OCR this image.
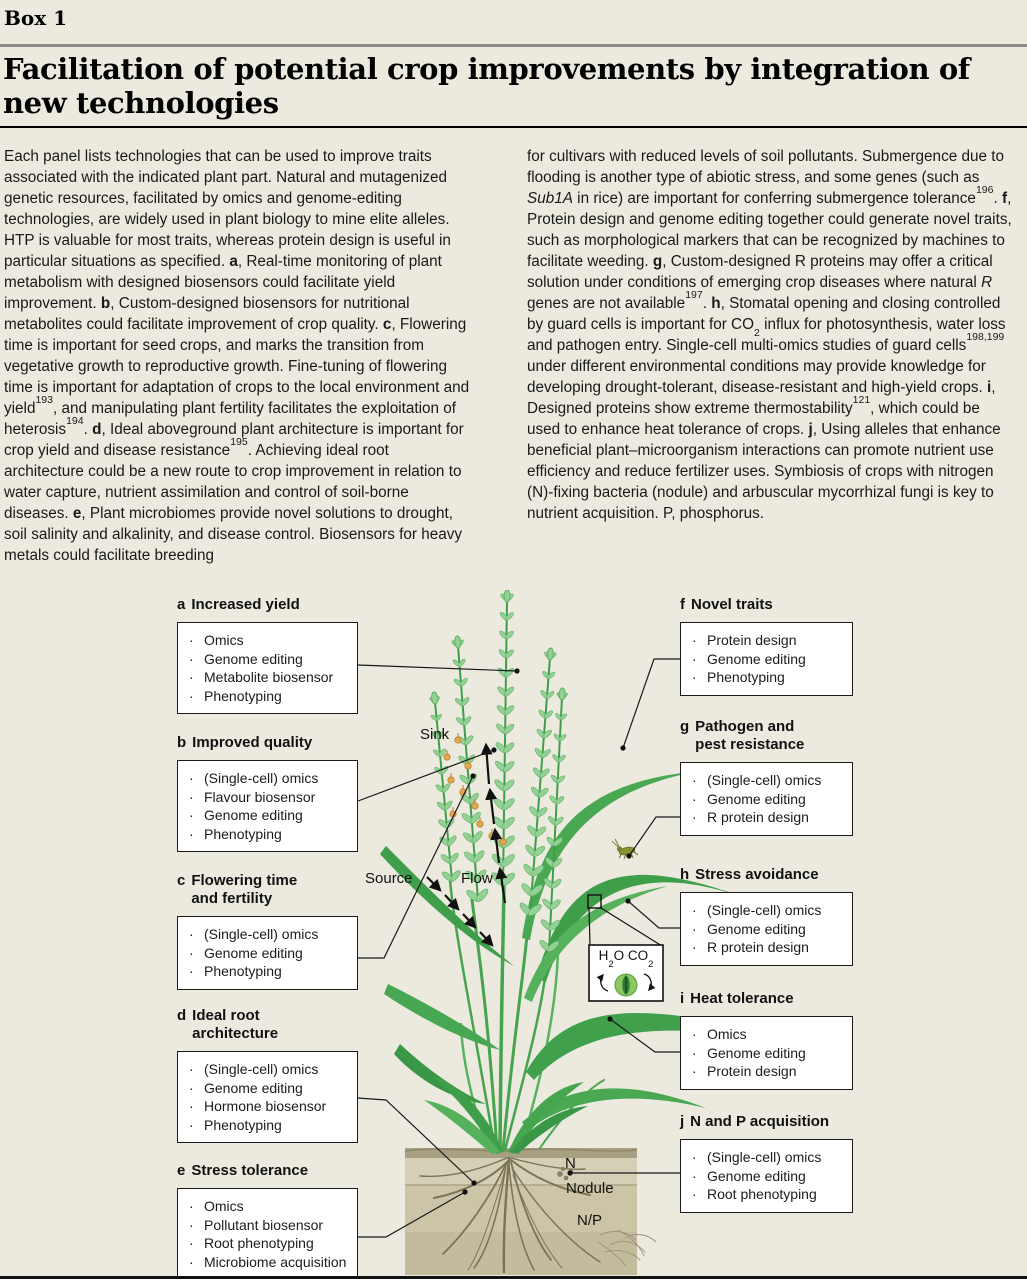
Box 1
Facilitation of potential crop improvements by integration of new technologies
Each panel lists technologies that can be used to improve traits associated with the indicated plant part. Natural and mutagenized genetic resources, facilitated by omics and genome-editing technologies, are widely used in plant biology to mine elite alleles. HTP is valuable for most traits, whereas protein design is useful in particular situations as specified. a, Real-time monitoring of plant metabolism with designed biosensors could facilitate yield improvement. b, Custom-designed biosensors for nutritional metabolites could facilitate improvement of crop quality. c, Flowering time is important for seed crops, and marks the transition from vegetative growth to reproductive growth. Fine-tuning of flowering time is important for adaptation of crops to the local environment and yield$^{193}$, and manipulating plant fertility facilitates the exploitation of heterosis$^{194}$. d, Ideal aboveground plant architecture is important for crop yield and disease resistance$^{195}$. Achieving ideal root architecture could be a new route to crop improvement in relation to water capture, nutrient assimilation and control of soil-borne diseases. e, Plant microbiomes provide novel solutions to drought, soil salinity and alkalinity, and disease control. Biosensors for heavy metals could facilitate breeding
for cultivars with reduced levels of soil pollutants. Submergence due to flooding is another type of abiotic stress, and some genes (such as Sub1A in rice) are important for conferring submergence tolerance$^{196}$. f, Protein design and genome editing together could generate novel traits, such as morphological markers that can be recognized by machines to facilitate weeding. g, Custom-designed R proteins may offer a critical solution under conditions of emerging crop diseases where natural R genes are not available$^{197}$. h, Stomatal opening and closing controlled by guard cells is important for $CO_2$ influx for photosynthesis, water loss and pathogen entry. Single-cell multi-omics studies of guard cells$^{198,199}$ under different environmental conditions may provide knowledge for developing drought-tolerant, disease-resistant and high-yield crops. i, Designed proteins show extreme thermostability$^{121}$, which could be used to enhance heat tolerance of crops. j, Using alleles that enhance beneficial plant–microorganism interactions can promote nutrient use efficiency and reduce fertilizer uses. Symbiosis of crops with nitrogen (N)-fixing bacteria (nodule) and arbuscular mycorrhizal fungi is key to nutrient acquisition. P, phosphorus.
Sink
Source	Flow
N
Nodule
N/P
$H_2O$ $CO_2$
a Increased yield
· Omics
· Genome editing
· Metabolite biosensor
· Phenotyping
b Improved quality
· (Single-cell) omics
· Flavour biosensor
· Genome editing
· Phenotyping
c Flowering time and fertility
· (Single-cell) omics
· Genome editing
· Phenotyping
d Ideal root architecture
· (Single-cell) omics
· Genome editing
· Hormone biosensor
· Phenotyping
e Stress tolerance
· Omics
· Pollutant biosensor
· Root phenotyping
· Microbiome acquisition
f Novel traits
· Protein design
· Genome editing
· Phenotyping
g Pathogen and pest resistance
· (Single-cell) omics
· Genome editing
· R protein design
h Stress avoidance
· (Single-cell) omics
· Genome editing
· R protein design
i Heat tolerance
· Omics
· Genome editing
· Protein design
j N and P acquisition
· (Single-cell) omics
· Genome editing
· Root phenotyping
